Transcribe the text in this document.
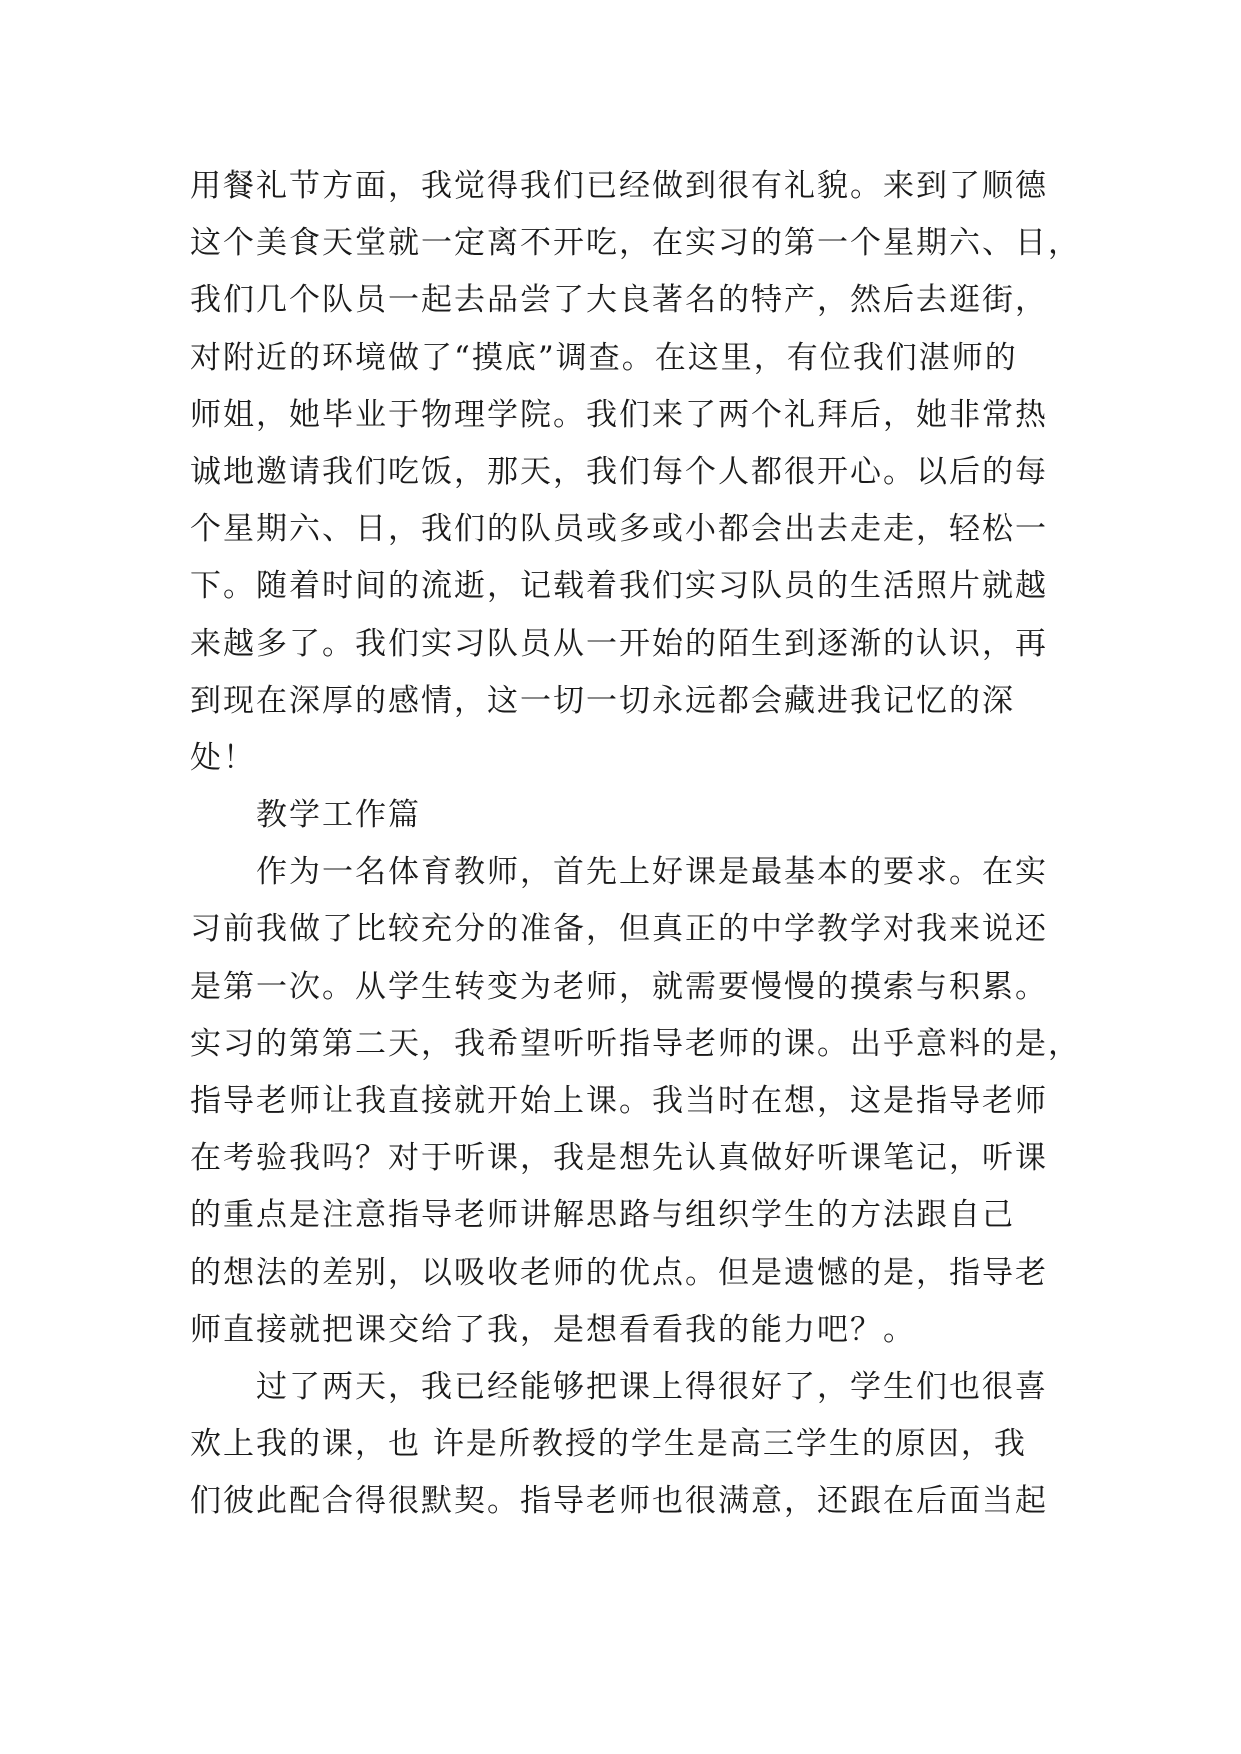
用餐礼节方面，我觉得我们已经做到很有礼貌。来到了顺德
这个美食天堂就一定离不开吃，在实习的第一个星期六、日，
我们几个队员一起去品尝了大良著名的特产，然后去逛街，
对附近的环境做了“摸底”调查。在这里，有位我们湛师的
师姐，她毕业于物理学院。我们来了两个礼拜后，她非常热
诚地邀请我们吃饭，那天，我们每个人都很开心。以后的每
个星期六、日，我们的队员或多或小都会出去走走，轻松一
下。随着时间的流逝，记载着我们实习队员的生活照片就越
来越多了。我们实习队员从一开始的陌生到逐渐的认识，再
到现在深厚的感情，这一切一切永远都会藏进我记忆的深
处！
教学工作篇
作为一名体育教师，首先上好课是最基本的要求。在实
习前我做了比较充分的准备，但真正的中学教学对我来说还
是第一次。从学生转变为老师，就需要慢慢的摸索与积累。
实习的第第二天，我希望听听指导老师的课。出乎意料的是，
指导老师让我直接就开始上课。我当时在想，这是指导老师
在考验我吗？对于听课，我是想先认真做好听课笔记，听课
的重点是注意指导老师讲解思路与组织学生的方法跟自己
的想法的差别，以吸收老师的优点。但是遗憾的是，指导老
师直接就把课交给了我，是想看看我的能力吧？。
过了两天，我已经能够把课上得很好了，学生们也很喜
欢上我的课，也 许是所教授的学生是高三学生的原因，我
们彼此配合得很默契。指导老师也很满意，还跟在后面当起
